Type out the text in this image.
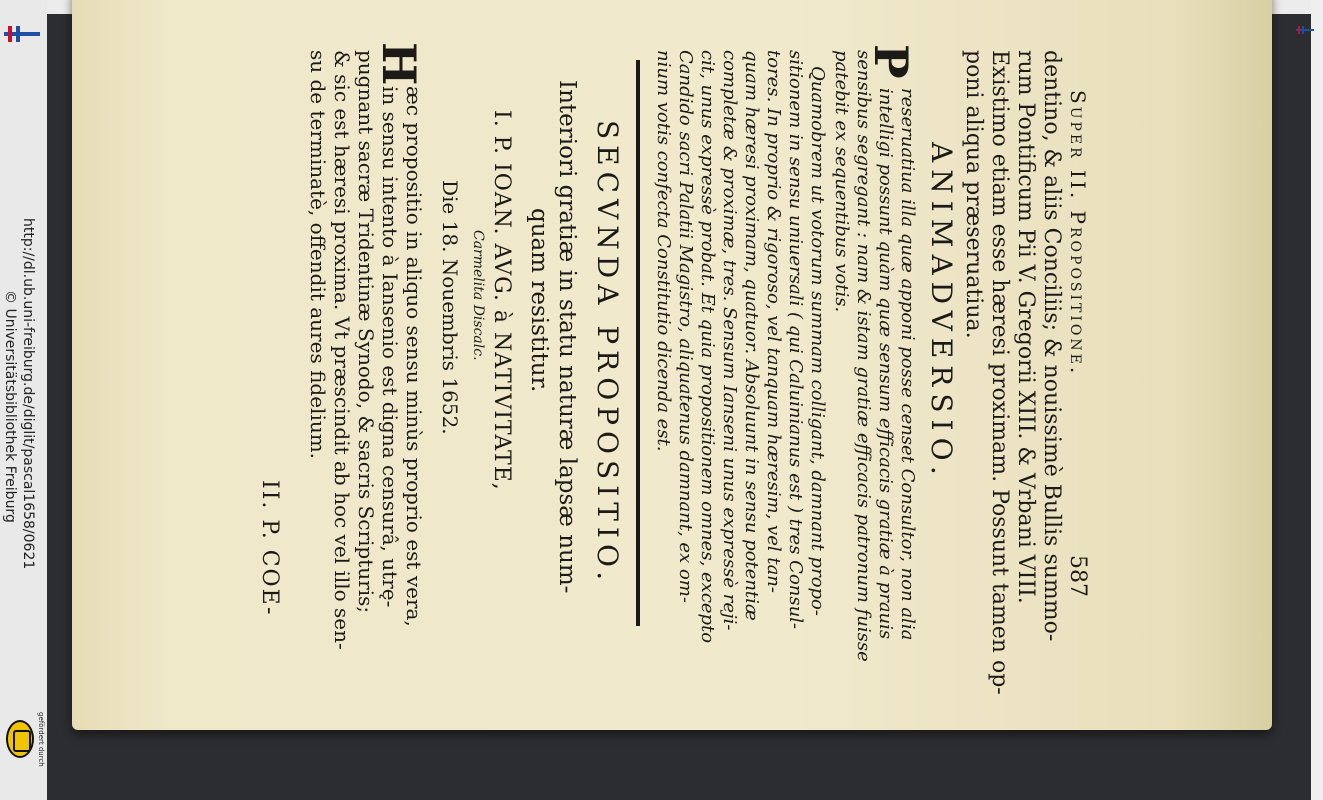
http://dl.ub.uni-freiburg.de/diglit/pascal1658/0621
© Universitätsbibliothek Freiburg
gefördert durch
Super II. Propositione.
587
dentino, & aliis Conciliis; & nouissimè Bullis summo-
rum Pontificum Pii V. Gregorii XIII. & Vrbani VIII.
Existimo etiam esse hæresi proximam. Possunt tamen op-
poni aliqua præseruatiua.
ANIMADVERSIO.
P
reseruatiua illa quæ apponi posse censet Consultor, non alia
intelligi possunt quàm quæ sensum efficacis gratiæ à prauis
sensibus segregant : nam & istam gratiæ efficacis patronum fuisse
patebit ex sequentibus votis.
Quamobrem ut votorum summam colligant, damnant propo-
sitionem in sensu uniuersali ( qui Caluinianus est ) tres Consul-
tores. In proprio & rigoroso, vel tanquam hæresim, vel tan-
quam hæresi proximam, quatuor. Absoluunt in sensu potentiæ
completæ & proximæ, tres. Sensum Ianseni unus expressè reji-
cit, unus expressè probat. Et quia propositionem omnes, excepto
Candido sacri Palatii Magistro, aliquatenus damnant, ex om-
nium votis confecta Constitutio dicenda est.
SECVNDA PROPOSITIO.
Interiori gratiæ in statu naturæ lapsæ num-
quam resistitur.
I. P. IOAN. AVG. à NATIVITATE,
Carmelita Discalc.
Die 18. Nouembris 1652.
H
æc propositio in aliquo sensu minùs proprio est vera,
in sensu intento à Iansenio est digna censurâ, utrę-
pugnant sacræ Tridentinæ Synodo, & sacris Scripturis;
& sic est hæresi proxima. Vt præscindit ab hoc vel illo sen-
su de terminatè, offendit aures fidelium.
II. P. COE-
